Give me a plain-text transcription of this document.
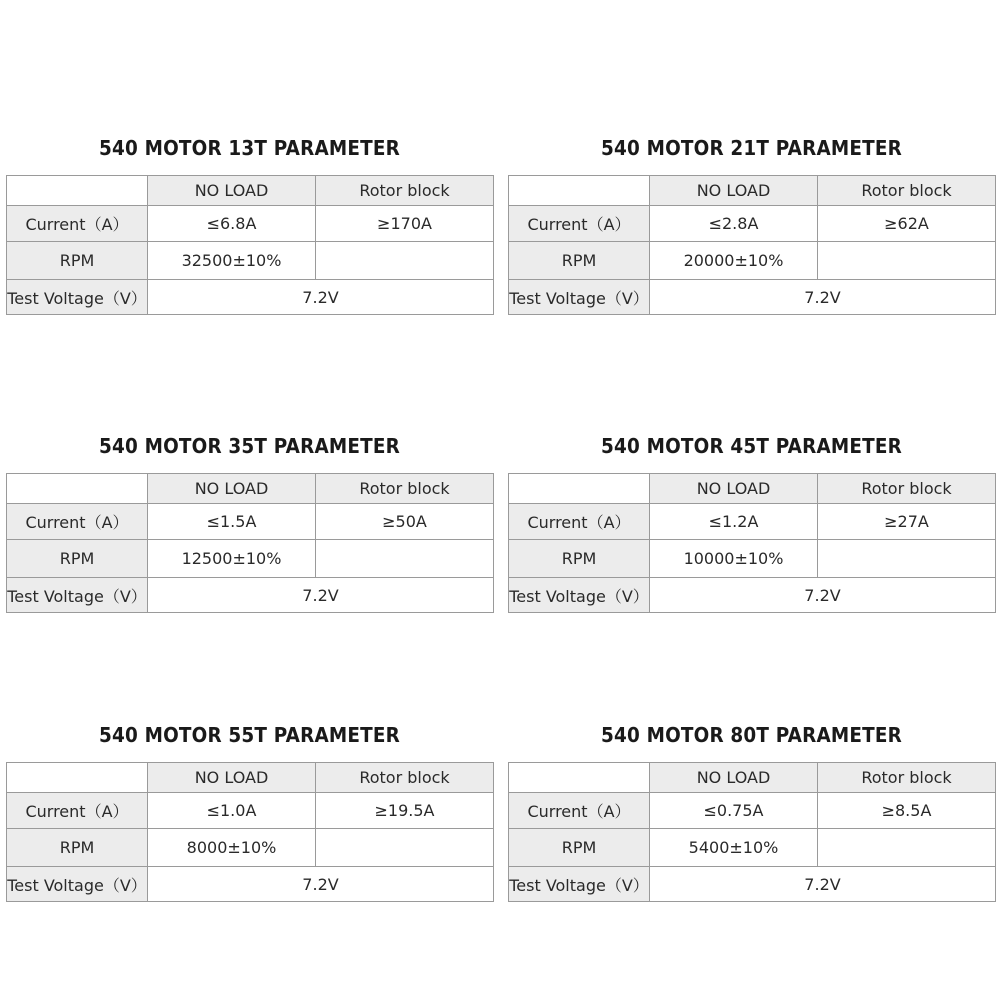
540 MOTOR 13T PARAMETER
	NO LOAD	Rotor block
Current（A）	≤6.8A	≥170A
RPM	32500±10%	
Test Voltage（V）	7.2V	
540 MOTOR 21T PARAMETER
	NO LOAD	Rotor block
Current（A）	≤2.8A	≥62A
RPM	20000±10%	
Test Voltage（V）	7.2V	
540 MOTOR 35T PARAMETER
	NO LOAD	Rotor block
Current（A）	≤1.5A	≥50A
RPM	12500±10%	
Test Voltage（V）	7.2V	
540 MOTOR 45T PARAMETER
	NO LOAD	Rotor block
Current（A）	≤1.2A	≥27A
RPM	10000±10%	
Test Voltage（V）	7.2V	
540 MOTOR 55T PARAMETER
	NO LOAD	Rotor block
Current（A）	≤1.0A	≥19.5A
RPM	8000±10%	
Test Voltage（V）	7.2V	
540 MOTOR 80T PARAMETER
	NO LOAD	Rotor block
Current（A）	≤0.75A	≥8.5A
RPM	5400±10%	
Test Voltage（V）	7.2V	
